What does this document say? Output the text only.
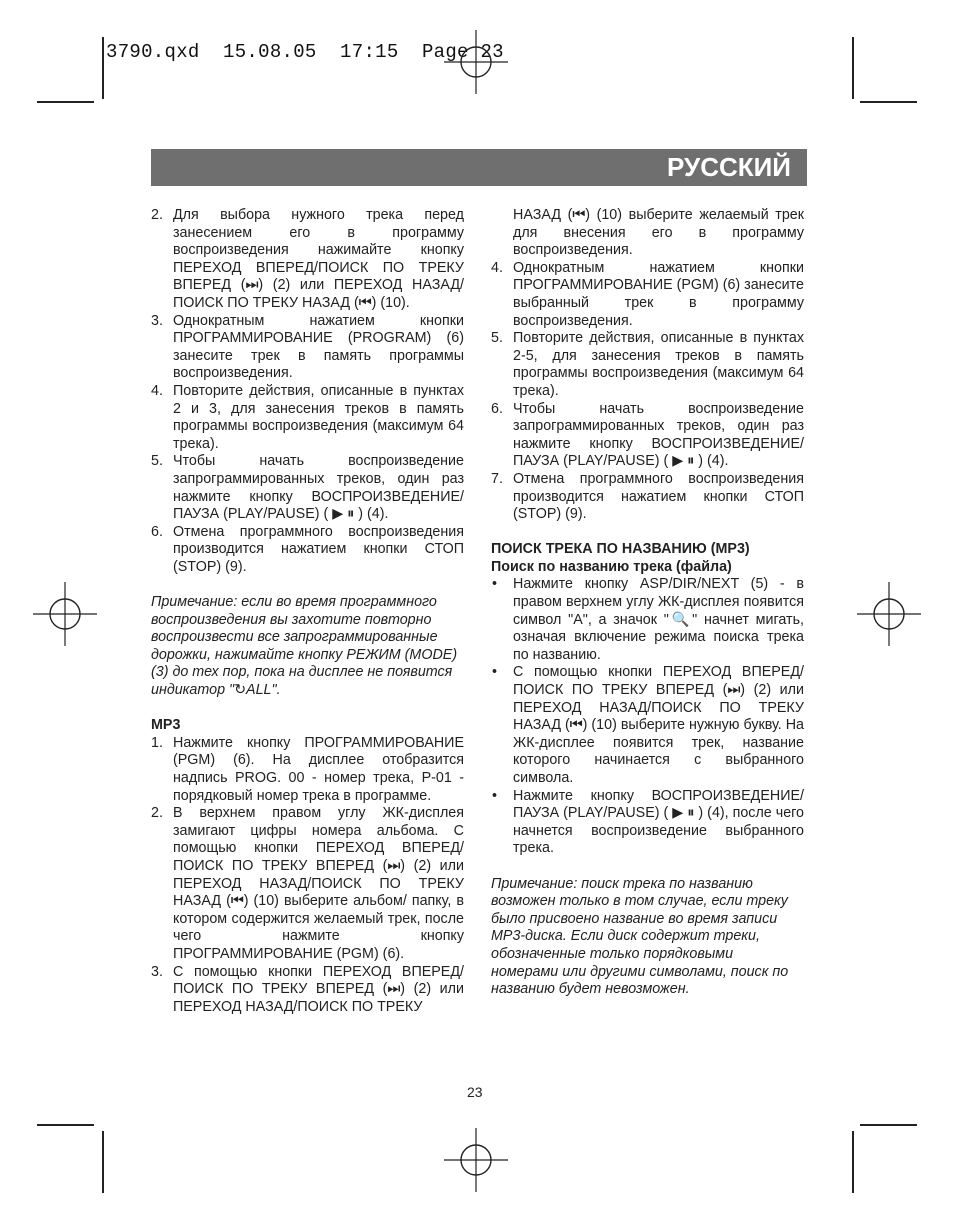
3790.qxd  15.08.05  17:15  Page 23

РУССКИЙ
2. Для выбора нужного трека перед занесением его в программу воспроизведения нажимайте кнопку ПЕРЕХОД ВПЕРЕД/ПОИСК ПО ТРЕКУ ВПЕРЕД (⏭) (2) или ПЕРЕХОД НАЗАД/ ПОИСК ПО ТРЕКУ НАЗАД (⏮) (10).
3. Однократным нажатием кнопки ПРОГРАММИРОВАНИЕ (PROGRAM) (6) занесите трек в память программы воспроизведения.
4. Повторите действия, описанные в пунктах 2 и 3, для занесения треков в память программы воспроизведения (максимум 64 трека).
5. Чтобы начать воспроизведение запрограммированных треков, один раз нажмите кнопку ВОСПРОИЗВЕДЕНИЕ/ ПАУЗА (PLAY/PAUSE) ( ▶ ⏸ ) (4).
6. Отмена программного воспроизведения производится нажатием кнопки СТОП (STOP) (9).

Примечание: если во время программного воспроизведения вы захотите повторно воспроизвести все запрограммированные дорожки, нажимайте кнопку РЕЖИМ (MODE) (3) до тех пор, пока на дисплее не появится индикатор "↻ALL".

MP3

1. Нажмите кнопку ПРОГРАММИРОВАНИЕ (PGM) (6). На дисплее отобразится надпись PROG. 00 - номер трека, P-01 - порядковый номер трека в программе.
2. В верхнем правом углу ЖК-дисплея замигают цифры номера альбома. С помощью кнопки ПЕРЕХОД ВПЕРЕД/ ПОИСК ПО ТРЕКУ ВПЕРЕД (⏭) (2) или ПЕРЕХОД НАЗАД/ПОИСК ПО ТРЕКУ НАЗАД (⏮) (10) выберите альбом/ папку, в котором содержится желаемый трек, после чего нажмите кнопку ПРОГРАММИРОВАНИЕ (PGM) (6).
3. С помощью кнопки ПЕРЕХОД ВПЕРЕД/ ПОИСК ПО ТРЕКУ ВПЕРЕД (⏭) (2) или ПЕРЕХОД НАЗАД/ПОИСК ПО ТРЕКУ

НАЗАД (⏮) (10) выберите желаемый трек для внесения его в программу воспроизведения.

4. Однократным нажатием кнопки ПРОГРАММИРОВАНИЕ (PGM) (6) занесите выбранный трек в программу воспроизведения.
5. Повторите действия, описанные в пунктах 2-5, для занесения треков в память программы воспроизведения (максимум 64 трека).
6. Чтобы начать воспроизведение запрограммированных треков, один раз нажмите кнопку ВОСПРОИЗВЕДЕНИЕ/ ПАУЗА (PLAY/PAUSE) ( ▶ ⏸ ) (4).
7. Отмена программного воспроизведения производится нажатием кнопки СТОП (STOP) (9).

ПОИСК ТРЕКА ПО НАЗВАНИЮ (MP3)

Поиск по названию трека (файла)

• Нажмите кнопку ASP/DIR/NEXT (5) - в правом верхнем углу ЖК-дисплея появится символ "A", а значок "🔍" начнет мигать, означая включение режима поиска трека по названию.
• С помощью кнопки ПЕРЕХОД ВПЕРЕД/ ПОИСК ПО ТРЕКУ ВПЕРЕД (⏭) (2) или ПЕРЕХОД НАЗАД/ПОИСК ПО ТРЕКУ НАЗАД (⏮) (10) выберите нужную букву. На ЖК-дисплее появится трек, название которого начинается с выбранного символа.
• Нажмите кнопку ВОСПРОИЗВЕДЕНИЕ/ ПАУЗА (PLAY/PAUSE) ( ▶ ⏸ ) (4), после чего начнется воспроизведение выбранного трека.

Примечание: поиск трека по названию возможен только в том случае, если треку было присвоено название во время записи MP3-диска. Если диск содержит треки, обозначенные только порядковыми номерами или другими символами, поиск по названию будет невозможен.

23
